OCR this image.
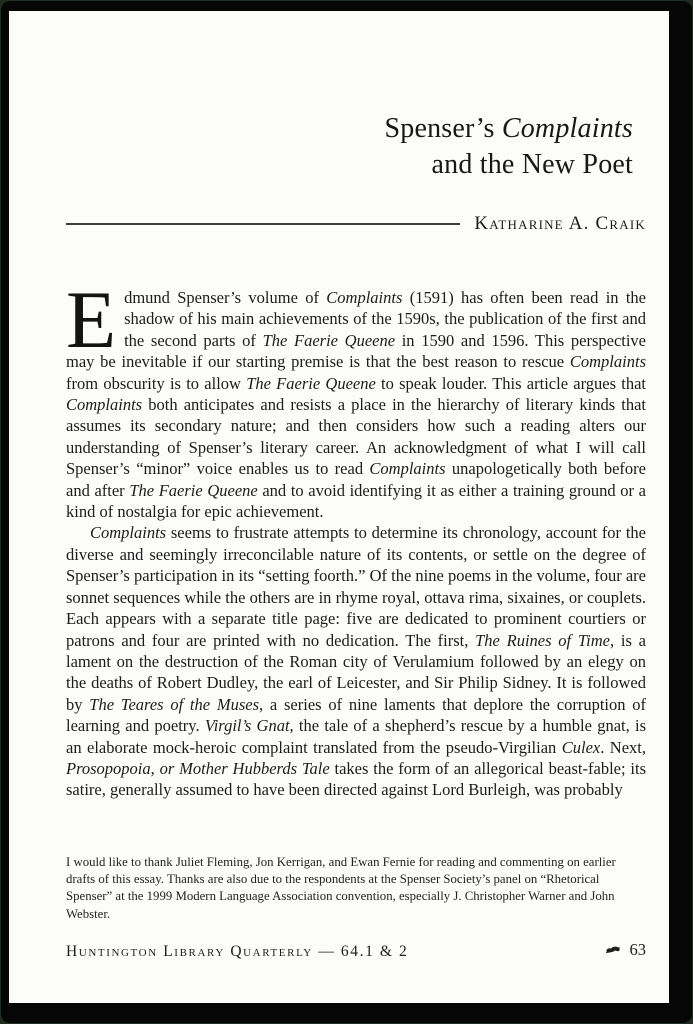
Spenser’s Complaints
and the New Poet
Katharine A. Craik

Edmund Spenser’s volume of Complaints (1591) has often been read in the shadow of his main achievements of the 1590s, the publication of the first and the second parts of The Faerie Queene in 1590 and 1596. This perspective may be inevitable if our starting premise is that the best reason to rescue Complaints from obscurity is to allow The Faerie Queene to speak louder. This article argues that Complaints both anticipates and resists a place in the hierarchy of literary kinds that assumes its secondary nature; and then considers how such a reading alters our understanding of Spenser’s literary career. An acknowledgment of what I will call Spenser’s “minor” voice enables us to read Complaints unapologetically both before and after The Faerie Queene and to avoid identifying it as either a training ground or a kind of nostalgia for epic achievement.

Complaints seems to frustrate attempts to determine its chronology, account for the diverse and seemingly irreconcilable nature of its contents, or settle on the degree of Spenser’s participation in its “setting foorth.” Of the nine poems in the volume, four are sonnet sequences while the others are in rhyme royal, ottava rima, sixaines, or couplets. Each appears with a separate title page: five are dedicated to prominent courtiers or patrons and four are printed with no dedication. The first, The Ruines of Time, is a lament on the destruction of the Roman city of Verulamium followed by an elegy on the deaths of Robert Dudley, the earl of Leicester, and Sir Philip Sidney. It is followed by The Teares of the Muses, a series of nine laments that deplore the corruption of learning and poetry. Virgil’s Gnat, the tale of a shepherd’s rescue by a humble gnat, is an elaborate mock-heroic complaint translated from the pseudo-Virgilian Culex. Next, Prosopopoia, or Mother Hubberds Tale takes the form of an allegorical beast-fable; its satire, generally assumed to have been directed against Lord Burleigh, was probably

I would like to thank Juliet Fleming, Jon Kerrigan, and Ewan Fernie for reading and commenting on earlier drafts of this essay. Thanks are also due to the respondents at the Spenser Society’s panel on “Rhetorical Spenser” at the 1999 Modern Language Association convention, especially J. Christopher Warner and John Webster.
Huntington Library Quarterly — 64.1 & 2	63
